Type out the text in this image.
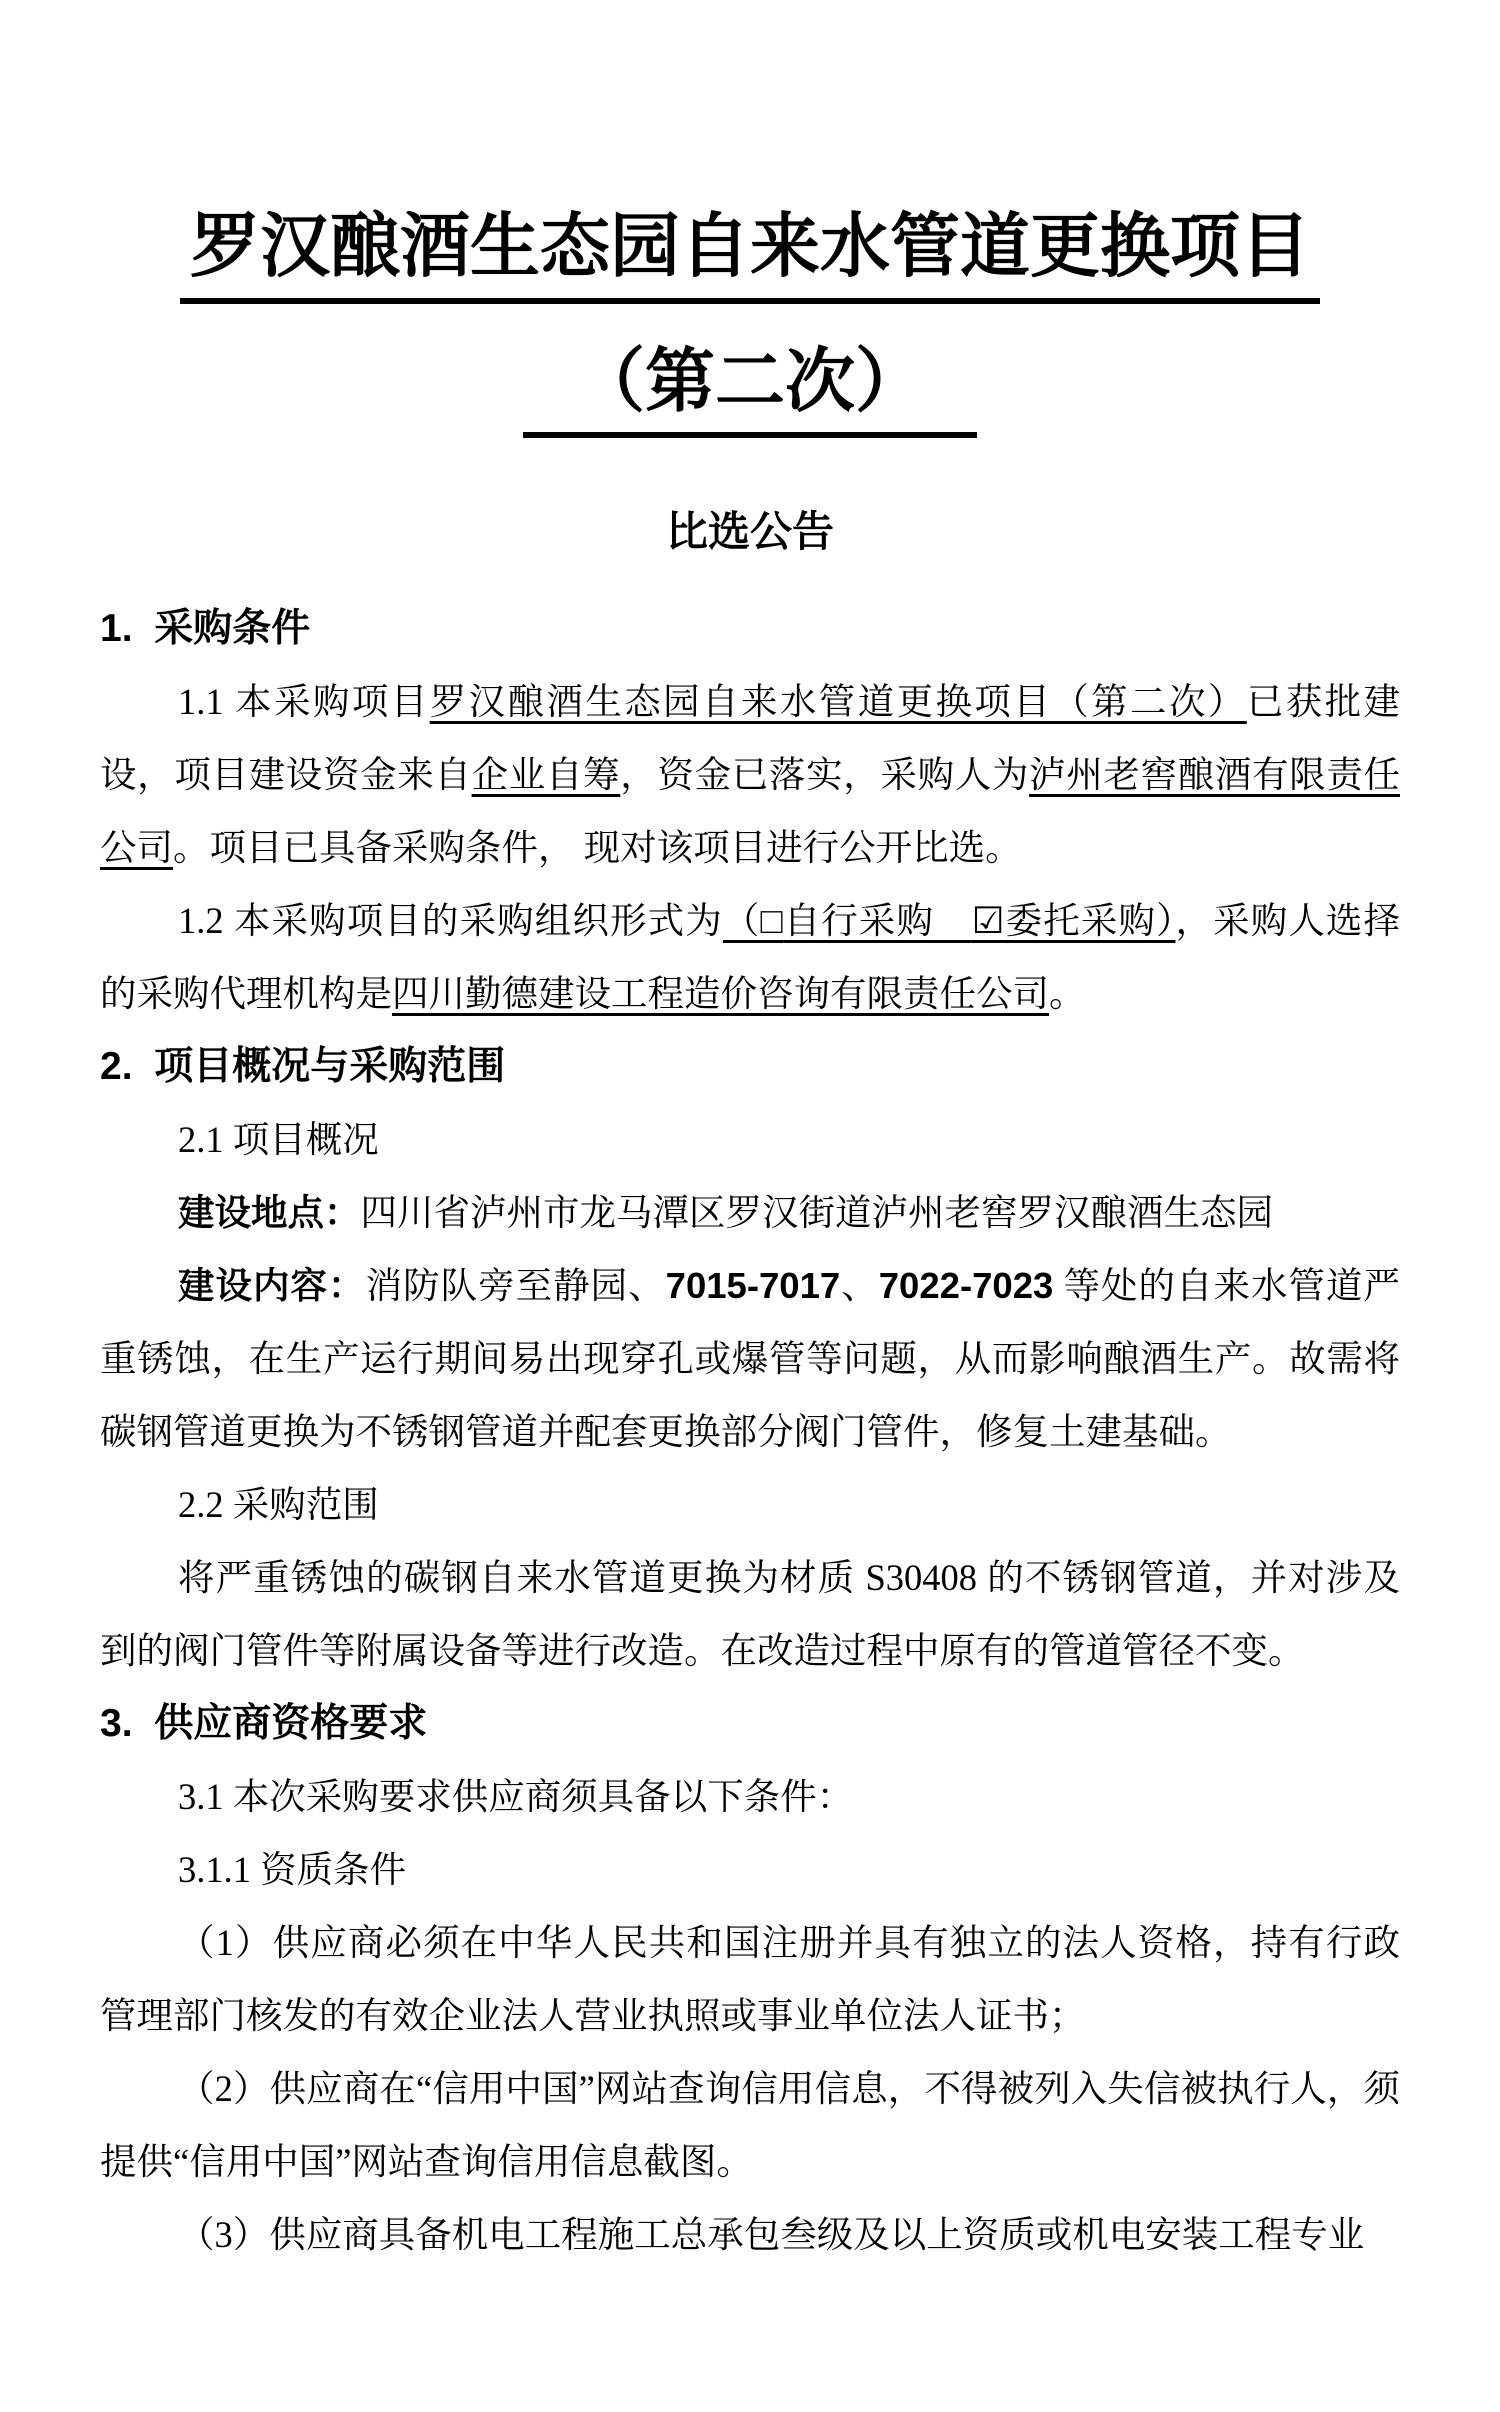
罗汉酿酒生态园自来水管道更换项目
（第二次）
比选公告

1.  采购条件

1.1 本采购项目罗汉酿酒生态园自来水管道更换项目（第二次）已获批建设，项目建设资金来自企业自筹，资金已落实，采购人为泸州老窖酿酒有限责任公司。项目已具备采购条件， 现对该项目进行公开比选。

1.2 本采购项目的采购组织形式为（□自行采购　☑委托采购），采购人选择的采购代理机构是四川勤德建设工程造价咨询有限责任公司。

2.  项目概况与采购范围

2.1 项目概况

建设地点：四川省泸州市龙马潭区罗汉街道泸州老窖罗汉酿酒生态园

建设内容：消防队旁至静园、7015-7017、7022-7023 等处的自来水管道严重锈蚀，在生产运行期间易出现穿孔或爆管等问题，从而影响酿酒生产。故需将碳钢管道更换为不锈钢管道并配套更换部分阀门管件，修复土建基础。

2.2 采购范围

将严重锈蚀的碳钢自来水管道更换为材质 S30408 的不锈钢管道，并对涉及到的阀门管件等附属设备等进行改造。在改造过程中原有的管道管径不变。

3.  供应商资格要求

3.1 本次采购要求供应商须具备以下条件：

3.1.1 资质条件

（1）供应商必须在中华人民共和国注册并具有独立的法人资格，持有行政管理部门核发的有效企业法人营业执照或事业单位法人证书；

（2）供应商在“信用中国”网站查询信用信息，不得被列入失信被执行人，须提供“信用中国”网站查询信用信息截图。

（3）供应商具备机电工程施工总承包叁级及以上资质或机电安装工程专业
